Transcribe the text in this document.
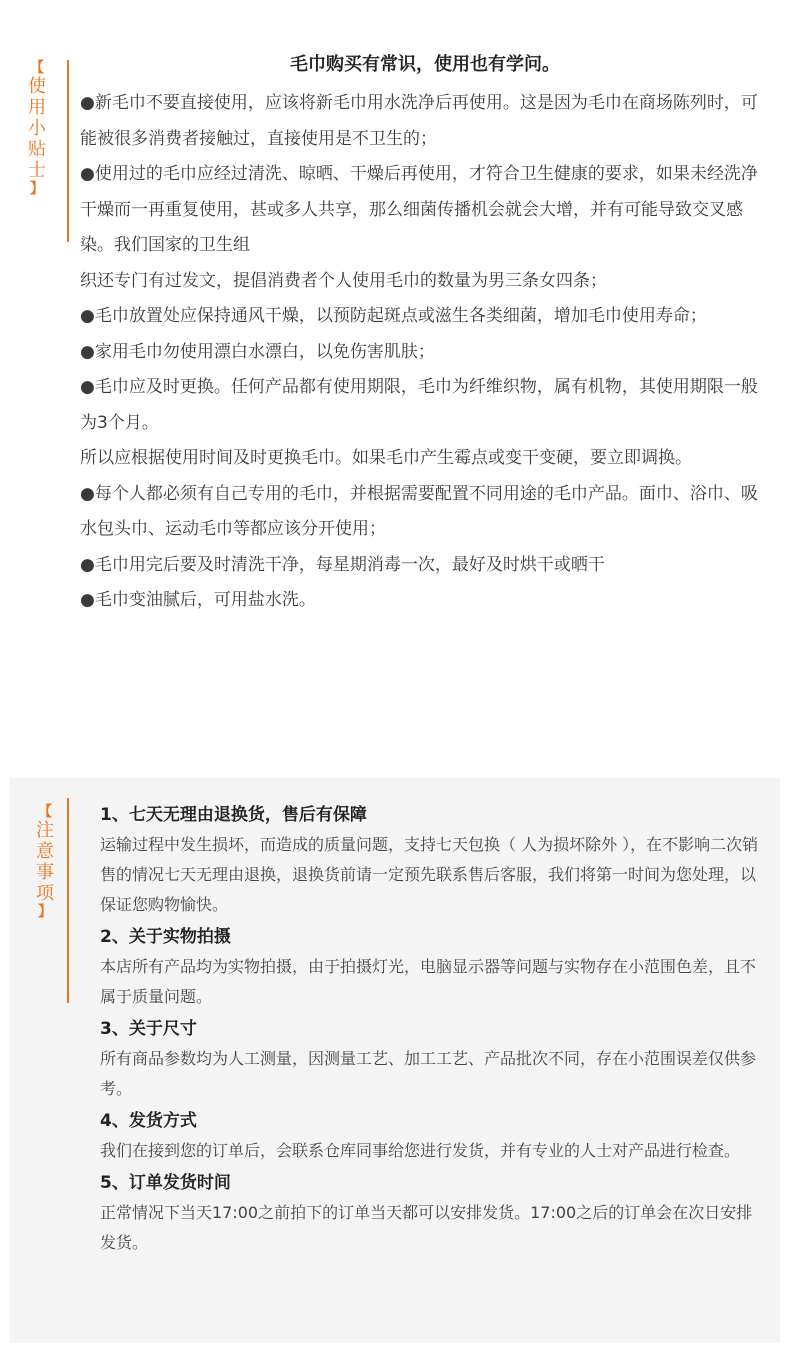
【
使
用
小
贴
士
】
毛巾购买有常识，使用也有学问。

●新毛巾不要直接使用，应该将新毛巾用水洗净后再使用。这是因为毛巾在商场陈列时，可能被很多消费者接触过，直接使用是不卫生的；

●使用过的毛巾应经过清洗、晾晒、干燥后再使用，才符合卫生健康的要求，如果未经洗净干燥而一再重复使用，甚或多人共享，那么细菌传播机会就会大增，并有可能导致交叉感染。我们国家的卫生组

织还专门有过发文，提倡消费者个人使用毛巾的数量为男三条女四条；

●毛巾放置处应保持通风干燥，以预防起斑点或滋生各类细菌，增加毛巾使用寿命；

●家用毛巾勿使用漂白水漂白，以免伤害肌肤；

●毛巾应及时更换。任何产品都有使用期限，毛巾为纤维织物，属有机物，其使用期限一般为3个月。

所以应根据使用时间及时更换毛巾。如果毛巾产生霉点或变干变硬，要立即调换。

●每个人都必须有自己专用的毛巾，并根据需要配置不同用途的毛巾产品。面巾、浴巾、吸水包头巾、运动毛巾等都应该分开使用；

●毛巾用完后要及时清洗干净，每星期消毒一次，最好及时烘干或晒干

●毛巾变油腻后，可用盐水洗。

【
注
意
事
项
】

1、七天无理由退换货，售后有保障

运输过程中发生损坏，而造成的质量问题，支持七天包换（ 人为损坏除外 ），在不影响二次销售的情况七天无理由退换，退换货前请一定预先联系售后客服，我们将第一时间为您处理，以保证您购物愉快。

2、关于实物拍摄

本店所有产品均为实物拍摄，由于拍摄灯光，电脑显示器等问题与实物存在小范围色差，且不属于质量问题。

3、关于尺寸

所有商品参数均为人工测量，因测量工艺、加工工艺、产品批次不同，存在小范围误差仅供参考。

4、发货方式

我们在接到您的订单后，会联系仓库同事给您进行发货，并有专业的人士对产品进行检查。

5、订单发货时间

正常情况下当天17:00之前拍下的订单当天都可以安排发货。17:00之后的订单会在次日安排发货。
